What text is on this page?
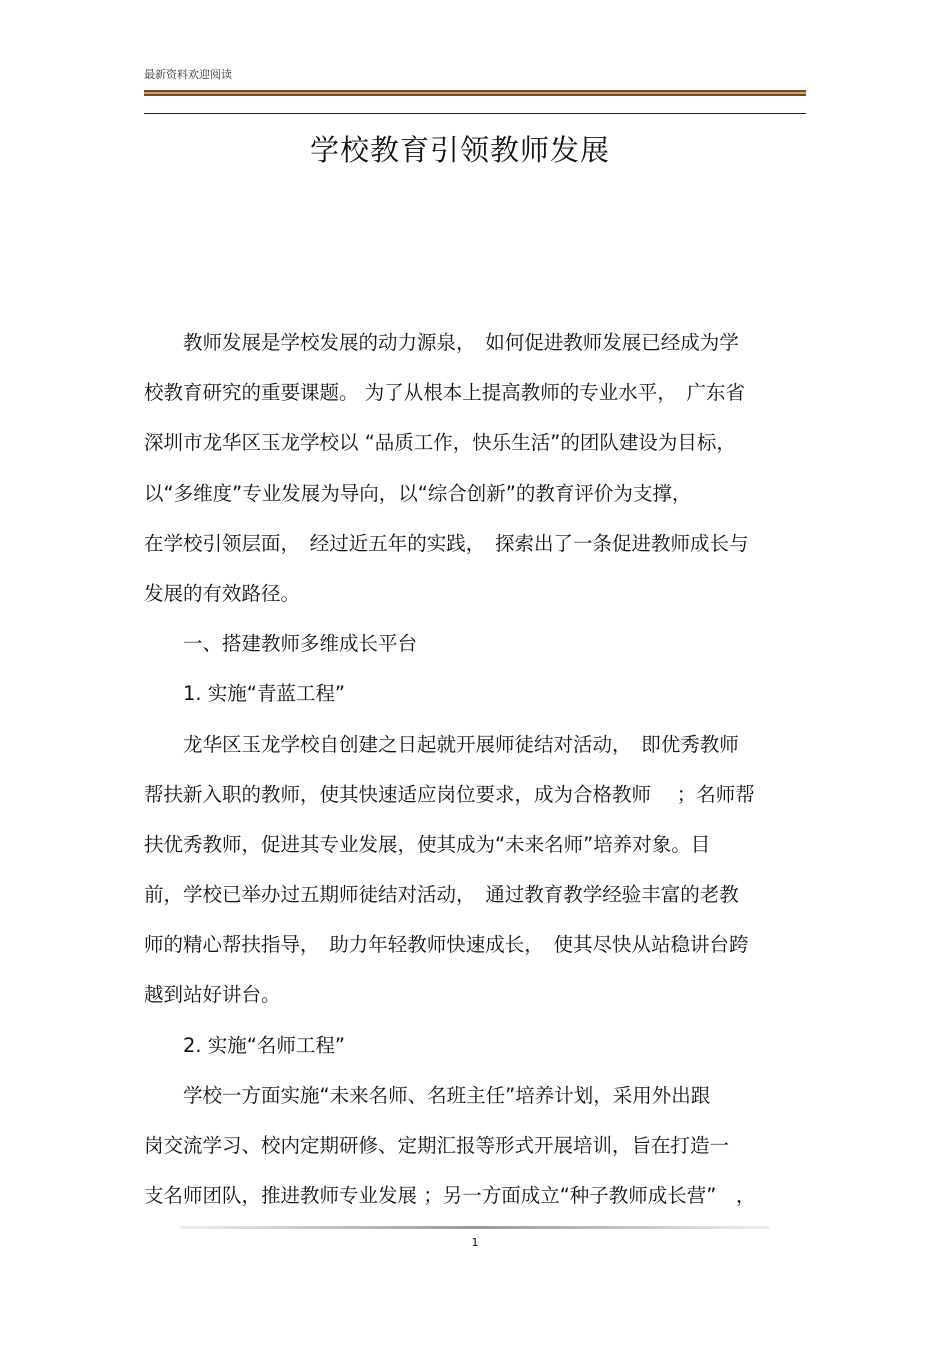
最新资料欢迎阅读
学校教育引领教师发展
　　教师发展是学校发展的动力源泉，　如何促进教师发展已经成为学
校教育研究的重要课题。 为了从根本上提高教师的专业水平，　广东省
深圳市龙华区玉龙学校以 “品质工作，快乐生活”的团队建设为目标，
以“多维度”专业发展为导向，以“综合创新”的教育评价为支撑，
在学校引领层面，　经过近五年的实践，　探索出了一条促进教师成长与
发展的有效路径。
　　一、搭建教师多维成长平台
　　1. 实施“青蓝工程”
　　龙华区玉龙学校自创建之日起就开展师徒结对活动，　即优秀教师
帮扶新入职的教师，使其快速适应岗位要求，成为合格教师　 ；名师帮
扶优秀教师，促进其专业发展，使其成为“未来名师”培养对象。目
前，学校已举办过五期师徒结对活动，　通过教育教学经验丰富的老教
师的精心帮扶指导，　助力年轻教师快速成长，　使其尽快从站稳讲台跨
越到站好讲台。
　　2. 实施“名师工程”
　　学校一方面实施“未来名师、名班主任”培养计划，采用外出跟
岗交流学习、校内定期研修、定期汇报等形式开展培训，旨在打造一
支名师团队，推进教师专业发展 ；另一方面成立“种子教师成长营”　，
1
